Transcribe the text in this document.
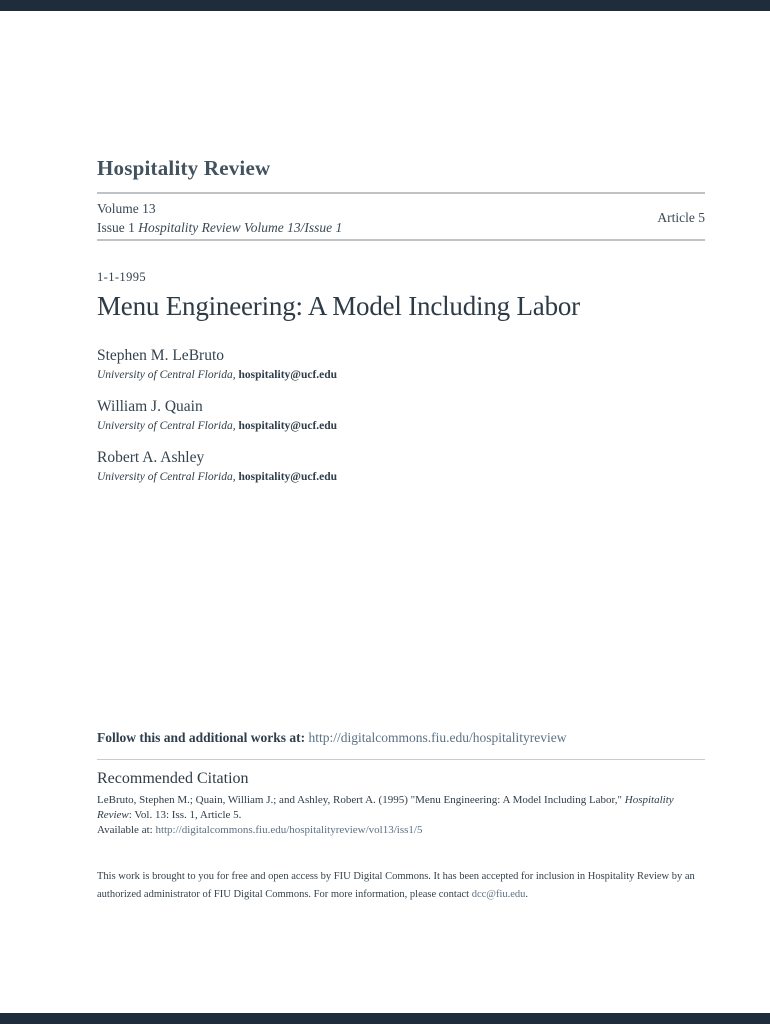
Hospitality Review
Volume 13
Issue 1 Hospitality Review Volume 13/Issue 1
Article 5
1-1-1995
Menu Engineering: A Model Including Labor
Stephen M. LeBruto
University of Central Florida, hospitality@ucf.edu
William J. Quain
University of Central Florida, hospitality@ucf.edu
Robert A. Ashley
University of Central Florida, hospitality@ucf.edu
Follow this and additional works at: http://digitalcommons.fiu.edu/hospitalityreview
Recommended Citation
LeBruto, Stephen M.; Quain, William J.; and Ashley, Robert A. (1995) "Menu Engineering: A Model Including Labor," Hospitality
Review: Vol. 13: Iss. 1, Article 5.
Available at: http://digitalcommons.fiu.edu/hospitalityreview/vol13/iss1/5
This work is brought to you for free and open access by FIU Digital Commons. It has been accepted for inclusion in Hospitality Review by an
authorized administrator of FIU Digital Commons. For more information, please contact dcc@fiu.edu.
